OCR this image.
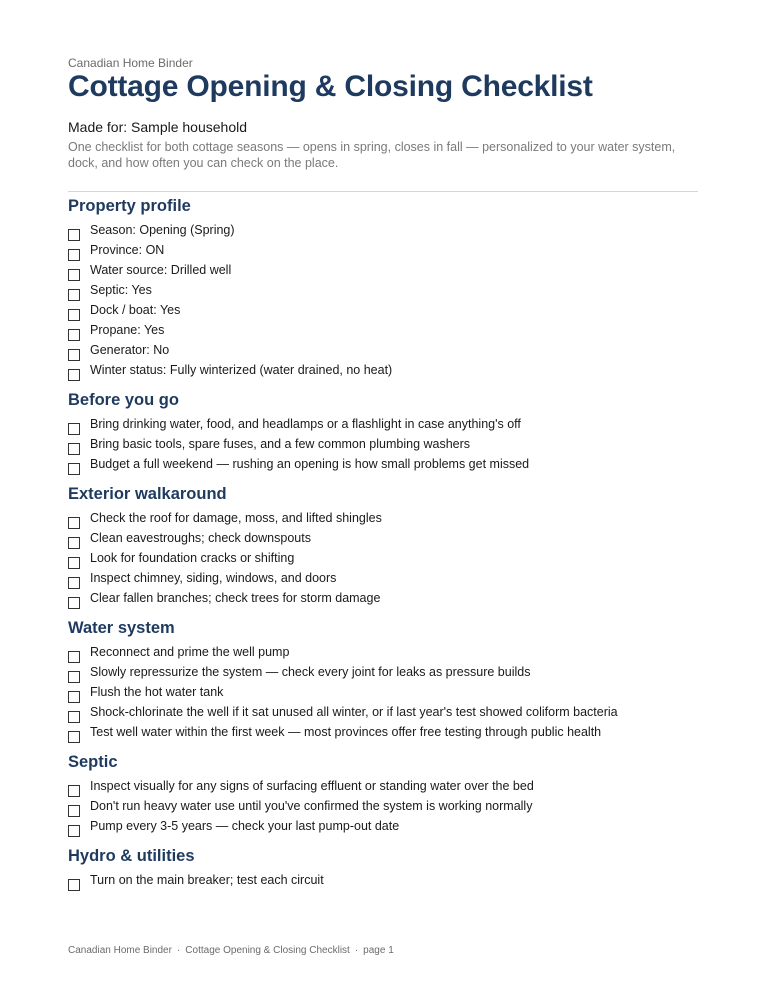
Canadian Home Binder
Cottage Opening & Closing Checklist
Made for: Sample household
One checklist for both cottage seasons — opens in spring, closes in fall — personalized to your water system, dock, and how often you can check on the place.
Property profile
Season: Opening (Spring)
Province: ON
Water source: Drilled well
Septic: Yes
Dock / boat: Yes
Propane: Yes
Generator: No
Winter status: Fully winterized (water drained, no heat)
Before you go
Bring drinking water, food, and headlamps or a flashlight in case anything's off
Bring basic tools, spare fuses, and a few common plumbing washers
Budget a full weekend — rushing an opening is how small problems get missed
Exterior walkaround
Check the roof for damage, moss, and lifted shingles
Clean eavestroughs; check downspouts
Look for foundation cracks or shifting
Inspect chimney, siding, windows, and doors
Clear fallen branches; check trees for storm damage
Water system
Reconnect and prime the well pump
Slowly repressurize the system — check every joint for leaks as pressure builds
Flush the hot water tank
Shock-chlorinate the well if it sat unused all winter, or if last year's test showed coliform bacteria
Test well water within the first week — most provinces offer free testing through public health
Septic
Inspect visually for any signs of surfacing effluent or standing water over the bed
Don't run heavy water use until you've confirmed the system is working normally
Pump every 3-5 years — check your last pump-out date
Hydro & utilities
Turn on the main breaker; test each circuit
Canadian Home Binder · Cottage Opening & Closing Checklist · page 1
